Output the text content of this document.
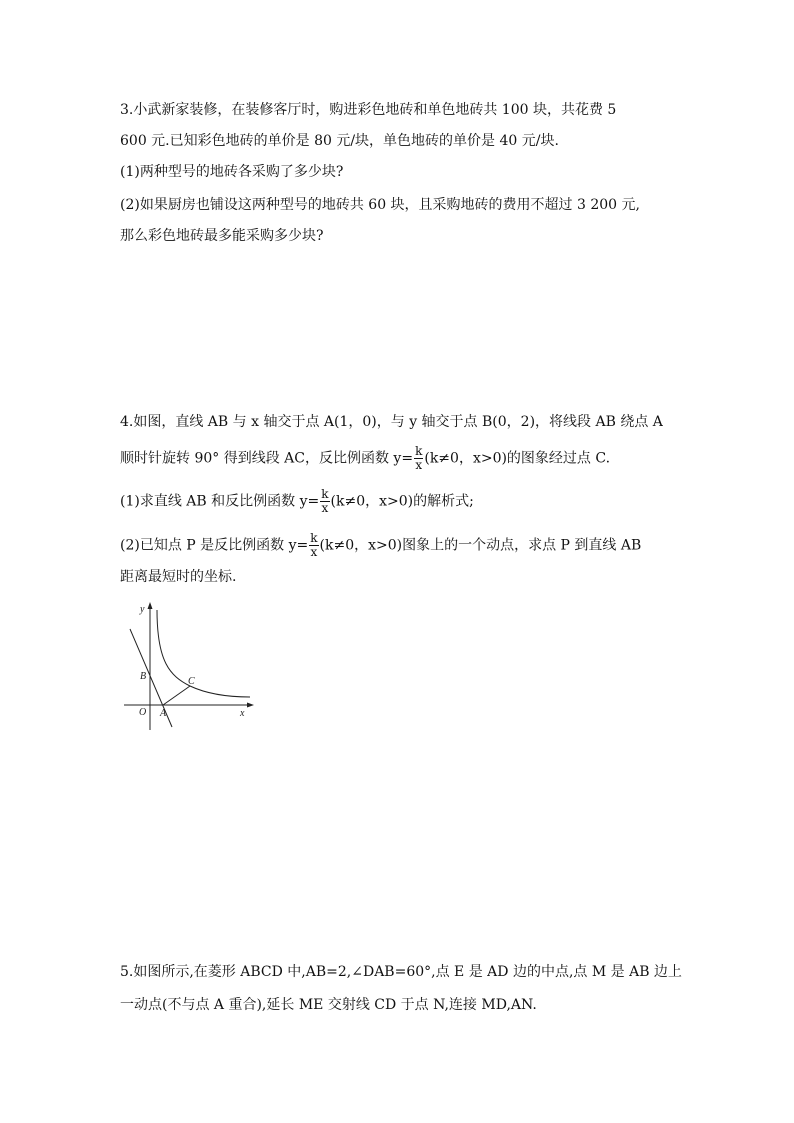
3.小武新家装修，在装修客厅时，购进彩色地砖和单色地砖共 100 块，共花费 5
600 元.已知彩色地砖的单价是 80 元/块，单色地砖的单价是 40 元/块.
(1)两种型号的地砖各采购了多少块?
(2)如果厨房也铺设这两种型号的地砖共 60 块，且采购地砖的费用不超过 3 200 元,
那么彩色地砖最多能采购多少块?
4.如图，直线 AB 与 x 轴交于点 A(1，0)，与 y 轴交于点 B(0，2)，将线段 AB 绕点 A
顺时针旋转 90° 得到线段 AC，反比例函数 $y= \frac{k}{x} (k\ne 0$，x>0)的图象经过点 C.
(1)求直线 AB 和反比例函数 $y= \frac{k}{x} (k\ne 0$，x>0)的解析式;
(2)已知点 P 是反比例函数 $y= \frac{k}{x} (k\ne 0$，x>0)图象上的一个动点，求点 P 到直线 AB
距离最短时的坐标.
y
x
B	C
O A
5.如图所示,在菱形 ABCD 中,AB=2,∠DAB=60°,点 E 是 AD 边的中点,点 M 是 AB 边上
一动点(不与点 A 重合),延长 ME 交射线 CD 于点 N,连接 MD,AN.
